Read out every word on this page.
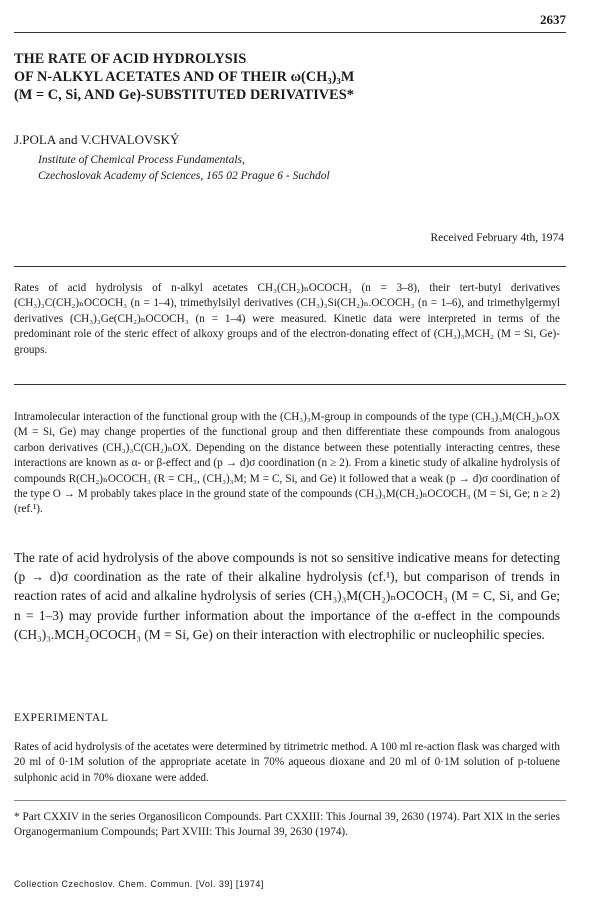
2637
THE RATE OF ACID HYDROLYSIS
OF N-ALKYL ACETATES AND OF THEIR ω(CH₃)₃M
(M = C, Si, AND Ge)-SUBSTITUTED DERIVATIVES*
J.POLA and V.CHVALOVSKÝ
Institute of Chemical Process Fundamentals,
Czechoslovak Academy of Sciences, 165 02 Prague 6 - Suchdol
Received February 4th, 1974

Rates of acid hydrolysis of n-alkyl acetates CH₃(CH₂)ₙOCOCH₃ (n = 3–8), their tert-butyl derivatives (CH₃)₃C(CH₂)ₙOCOCH₃ (n = 1–4), trimethylsilyl derivatives (CH₃)₃Si(CH₂)ₙ.OCOCH₃ (n = 1–6), and trimethylgermyl derivatives (CH₃)₃Ge(CH₂)ₙOCOCH₃ (n = 1–4) were measured. Kinetic data were interpreted in terms of the predominant role of the steric effect of alkoxy groups and of the electron-donating effect of (CH₃)₃MCH₂ (M = Si, Ge)-groups.

Intramolecular interaction of the functional group with the (CH₃)₃M-group in compounds of the type (CH₃)₃M(CH₂)ₙOX (M = Si, Ge) may change properties of the functional group and then differentiate these compounds from analogous carbon derivatives (CH₃)₃C(CH₂)ₙOX. Depending on the distance between these potentially interacting centres, these interactions are known as α- or β-effect and (p → d)σ coordination (n ≥ 2). From a kinetic study of alkaline hydrolysis of compounds R(CH₂)ₙOCOCH₃ (R = CH₃, (CH₃)₃M; M = C, Si, and Ge) it followed that a weak (p → d)σ coordination of the type O → M probably takes place in the ground state of the compounds (CH₃)₃M(CH₂)ₙOCOCH₃ (M = Si, Ge; n ≥ 2) (ref.¹).

The rate of acid hydrolysis of the above compounds is not so sensitive indicative means for detecting (p → d)σ coordination as the rate of their alkaline hydrolysis (cf.¹), but comparison of trends in reaction rates of acid and alkaline hydrolysis of series (CH₃)₃M(CH₂)ₙOCOCH₃ (M = C, Si, and Ge; n = 1–3) may provide further information about the importance of the α-effect in the compounds (CH₃)₃.MCH₂OCOCH₃ (M = Si, Ge) on their interaction with electrophilic or nucleophilic species.

EXPERIMENTAL

Rates of acid hydrolysis of the acetates were determined by titrimetric method. A 100 ml re-action flask was charged with 20 ml of 0·1M solution of the appropriate acetate in 70% aqueous dioxane and 20 ml of 0·1M solution of p-toluene sulphonic acid in 70% dioxane were added.

* Part CXXIV in the series Organosilicon Compounds. Part CXXIII: This Journal 39, 2630 (1974). Part XIX in the series Organogermanium Compounds; Part XVIII: This Journal 39, 2630 (1974).

Collection Czechoslov. Chem. Commun. [Vol. 39] [1974]
